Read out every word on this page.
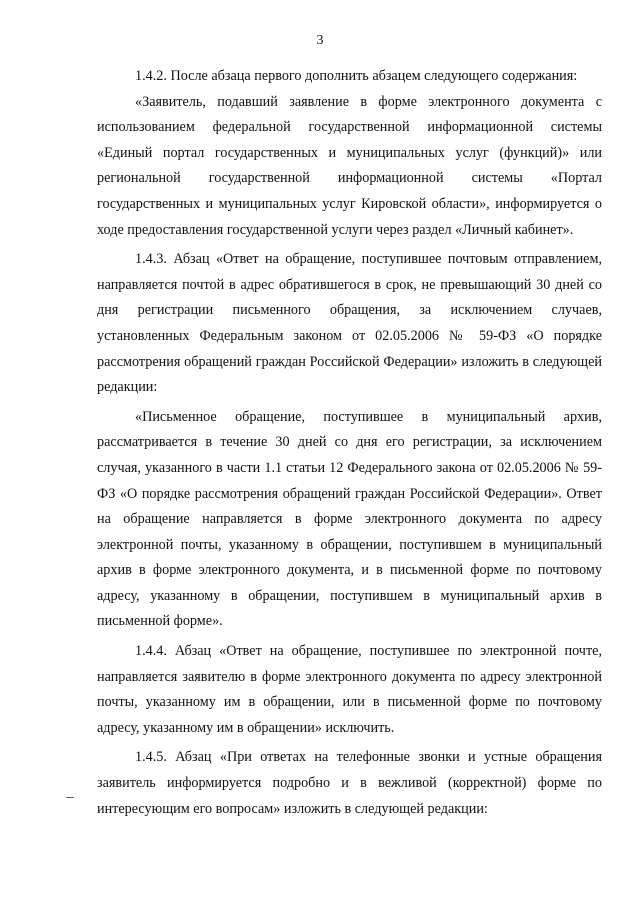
3

1.4.2. После абзаца первого дополнить абзацем следующего содержания:

«Заявитель, подавший заявление в форме электронного документа с использованием федеральной государственной информационной системы «Единый портал государственных и муниципальных услуг (функций)» или региональной государственной информационной системы «Портал государственных и муниципальных услуг Кировской области», информируется о ходе предоставления государственной услуги через раздел «Личный кабинет».

1.4.3. Абзац «Ответ на обращение, поступившее почтовым отправлением, направляется почтой в адрес обратившегося в срок, не превышающий 30 дней со дня регистрации письменного обращения, за исключением случаев, установленных Федеральным законом от 02.05.2006 № 59-ФЗ «О порядке рассмотрения обращений граждан Российской Федерации» изложить в следующей редакции:

«Письменное обращение, поступившее в муниципальный архив, рассматривается в течение 30 дней со дня его регистрации, за исключением случая, указанного в части 1.1 статьи 12 Федерального закона от 02.05.2006 № 59-ФЗ «О порядке рассмотрения обращений граждан Российской Федерации». Ответ на обращение направляется в форме электронного документа по адресу электронной почты, указанному в обращении, поступившем в муниципальный архив в форме электронного документа, и в письменной форме по почтовому адресу, указанному в обращении, поступившем в муниципальный архив в письменной форме».

1.4.4. Абзац «Ответ на обращение, поступившее по электронной почте, направляется заявителю в форме электронного документа по адресу электронной почты, указанному им в обращении, или в письменной форме по почтовому адресу, указанному им в обращении» исключить.

1.4.5. Абзац «При ответах на телефонные звонки и устные обращения заявитель информируется подробно и в вежливой (корректной) форме по интересующим его вопросам» изложить в следующей редакции:
